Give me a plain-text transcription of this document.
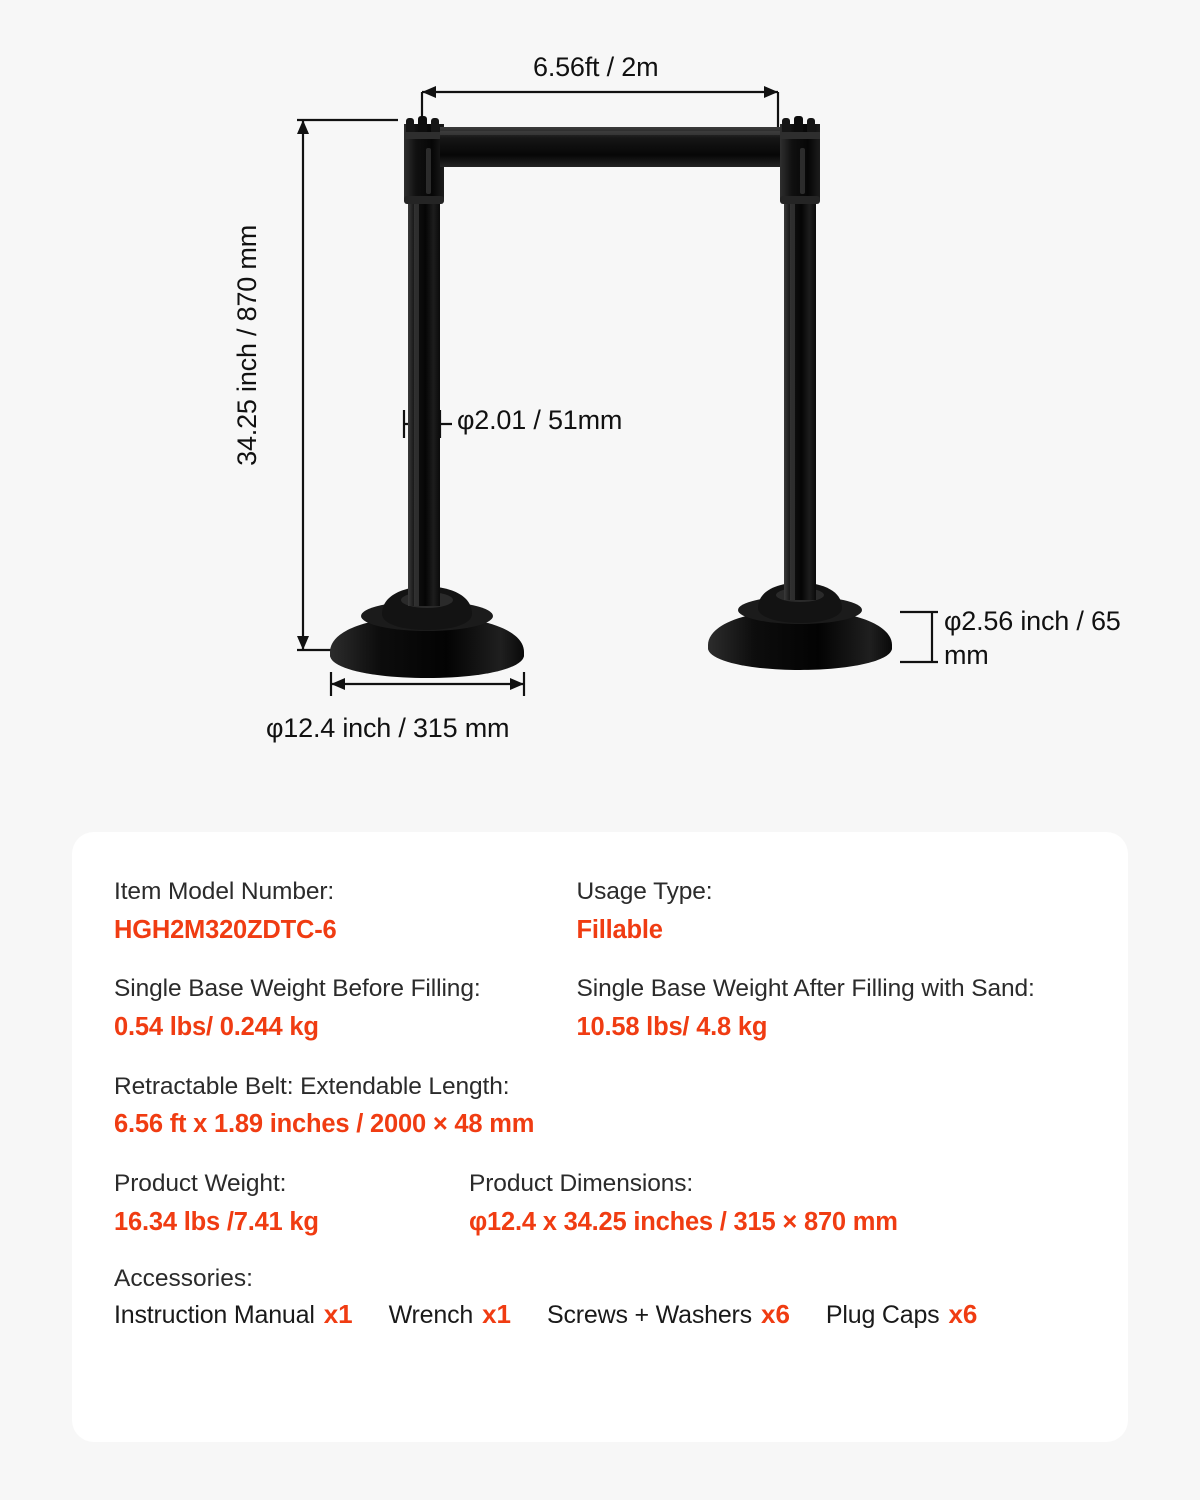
6.56ft / 2m
34.25 inch / 870 mm	φ2.01 / 51mm
φ12.4 inch / 315 mm
φ2.56 inch / 65 mm
Item Model Number:
HGH2M320ZDTC-6
Usage Type:
Fillable
Single Base Weight Before Filling:
0.54 lbs/ 0.244 kg
Single Base Weight After Filling with Sand:
10.58 lbs/ 4.8 kg
Retractable Belt: Extendable Length:
6.56 ft x 1.89 inches / 2000 × 48 mm
Product Weight:
16.34 lbs /7.41 kg
Product Dimensions:
φ12.4 x 34.25 inches / 315 × 870 mm
Accessories:
Instruction Manual x1 Wrench x1 Screws + Washers x6 Plug Caps x6
